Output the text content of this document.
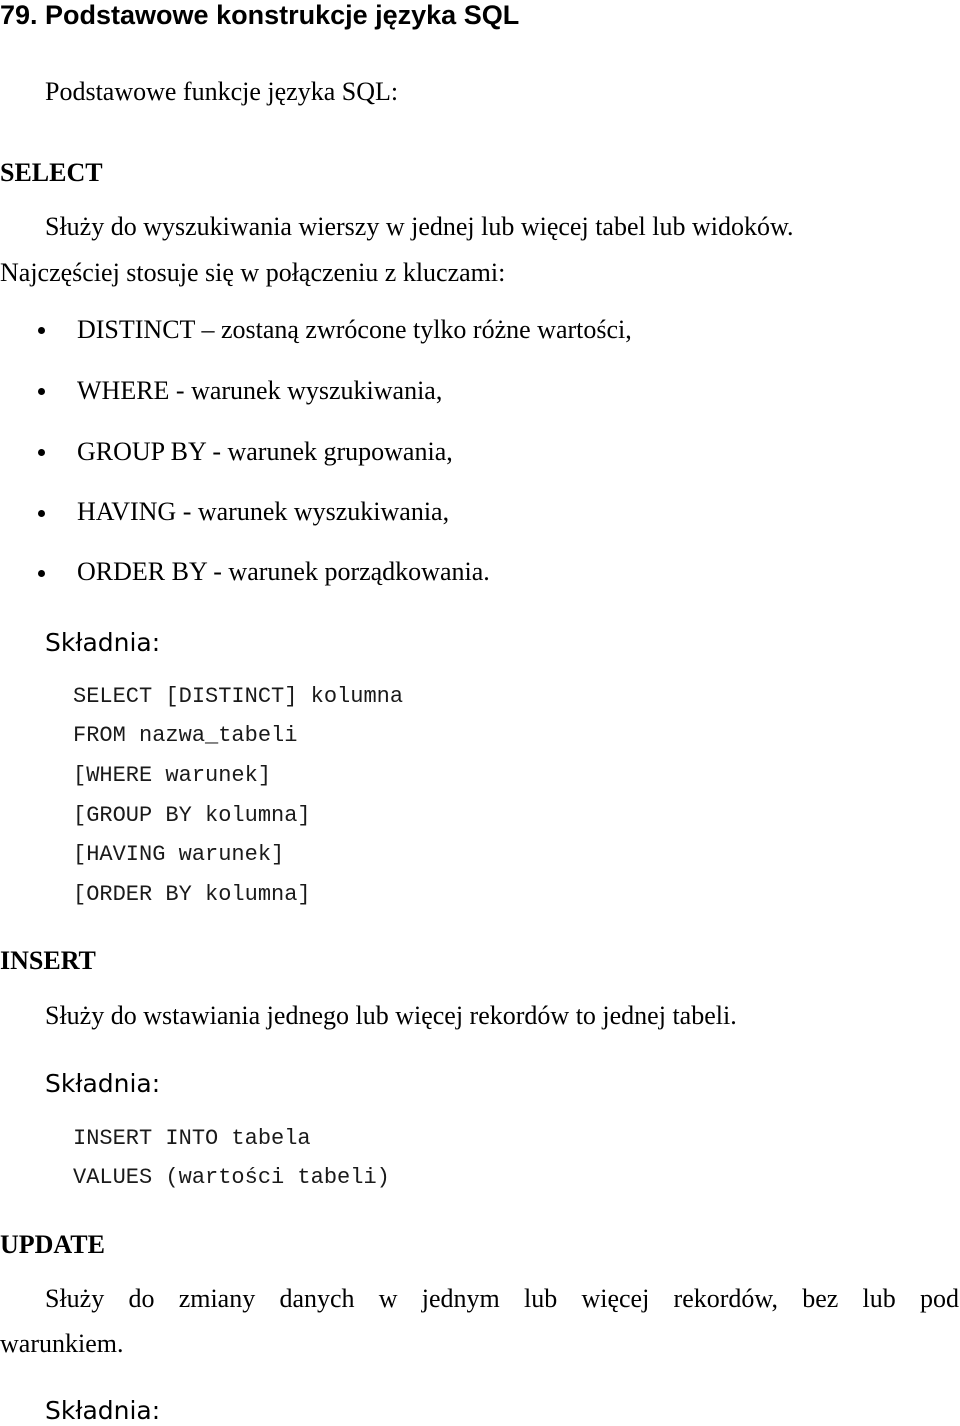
79. Podstawowe konstrukcje języka SQL
Podstawowe funkcje języka SQL:
SELECT
Służy do wyszukiwania wierszy w jednej lub więcej tabel lub widoków.
Najczęściej stosuje się w połączeniu z kluczami:
DISTINCT – zostaną zwrócone tylko różne wartości,
WHERE - warunek wyszukiwania,
GROUP BY - warunek grupowania,
HAVING - warunek wyszukiwania,
ORDER BY - warunek porządkowania.
Składnia:
SELECT [DISTINCT] kolumna
FROM nazwa_tabeli
[WHERE warunek]
[GROUP BY kolumna]
[HAVING warunek]
[ORDER BY kolumna]
INSERT
Służy do wstawiania jednego lub więcej rekordów to jednej tabeli.
Składnia:
INSERT INTO tabela
VALUES (wartości tabeli)
UPDATE
Służy do zmiany danych w jednym lub więcej rekordów, bez lub pod
warunkiem.
Składnia:
